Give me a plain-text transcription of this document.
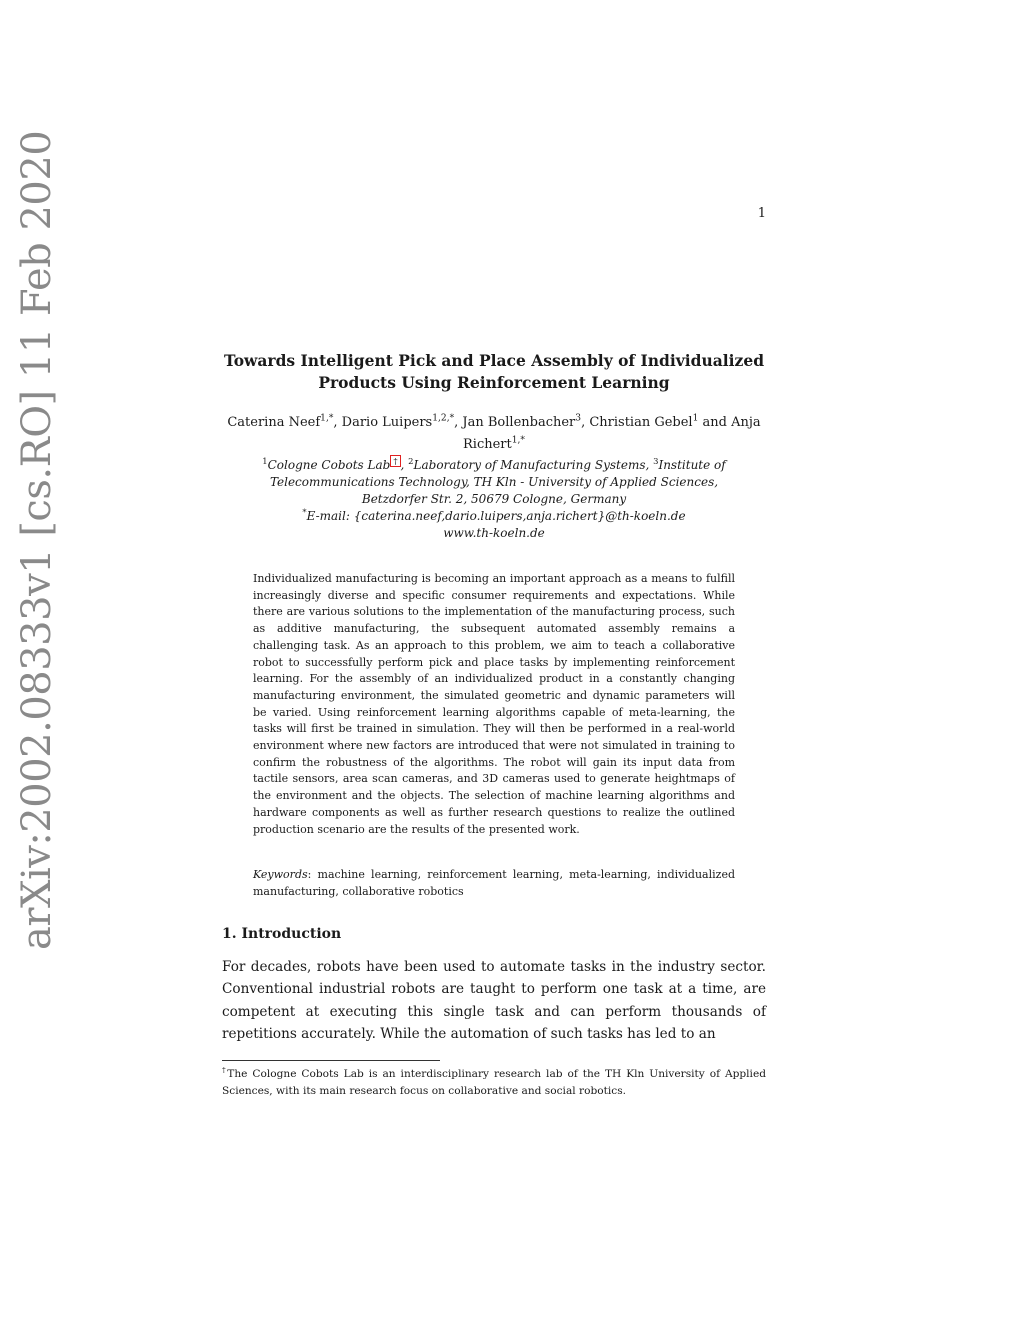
arXiv:2002.08333v1 [cs.RO] 11 Feb 2020	1
Towards Intelligent Pick and Place Assembly of Individualized
Products Using Reinforcement Learning
Caterina Neef$^{1,*}$, Dario Luipers$^{1,2,*}$, Jan Bollenbacher$^3$, Christian Gebel$^1$ and Anja Richert$^{1,*}$
$^1$Cologne Cobots Lab † , $^2$Laboratory of Manufacturing Systems, $^3$Institute of Telecommunications Technology, TH Kln - University of Applied Sciences,
Betzdorfer Str. 2, 50679 Cologne, Germany
*E-mail: {caterina.neef,dario.luipers,anja.richert}@th-koeln.de
www.th-koeln.de
Individualized manufacturing is becoming an important approach as a means to fulfill increasingly diverse and specific consumer requirements and expectations. While there are various solutions to the implementation of the manufacturing process, such as additive manufacturing, the subsequent automated assembly remains a challenging task. As an approach to this problem, we aim to teach a collaborative robot to successfully perform pick and place tasks by implementing reinforcement learning. For the assembly of an individualized product in a constantly changing manufacturing environment, the simulated geometric and dynamic parameters will be varied. Using reinforcement learning algorithms capable of meta-learning, the tasks will first be trained in simulation. They will then be performed in a real-world environment where new factors are introduced that were not simulated in training to confirm the robustness of the algorithms. The robot will gain its input data from tactile sensors, area scan cameras, and 3D cameras used to generate heightmaps of the environment and the objects. The selection of machine learning algorithms and hardware components as well as further research questions to realize the outlined production scenario are the results of the presented work.
Keywords: machine learning, reinforcement learning, meta-learning, individualized manufacturing, collaborative robotics
1. Introduction
For decades, robots have been used to automate tasks in the industry sector. Conventional industrial robots are taught to perform one task at a time, are competent at executing this single task and can perform thousands of repetitions accurately. While the automation of such tasks has led to an
†The Cologne Cobots Lab is an interdisciplinary research lab of the TH Kln University of Applied Sciences, with its main research focus on collaborative and social robotics.
